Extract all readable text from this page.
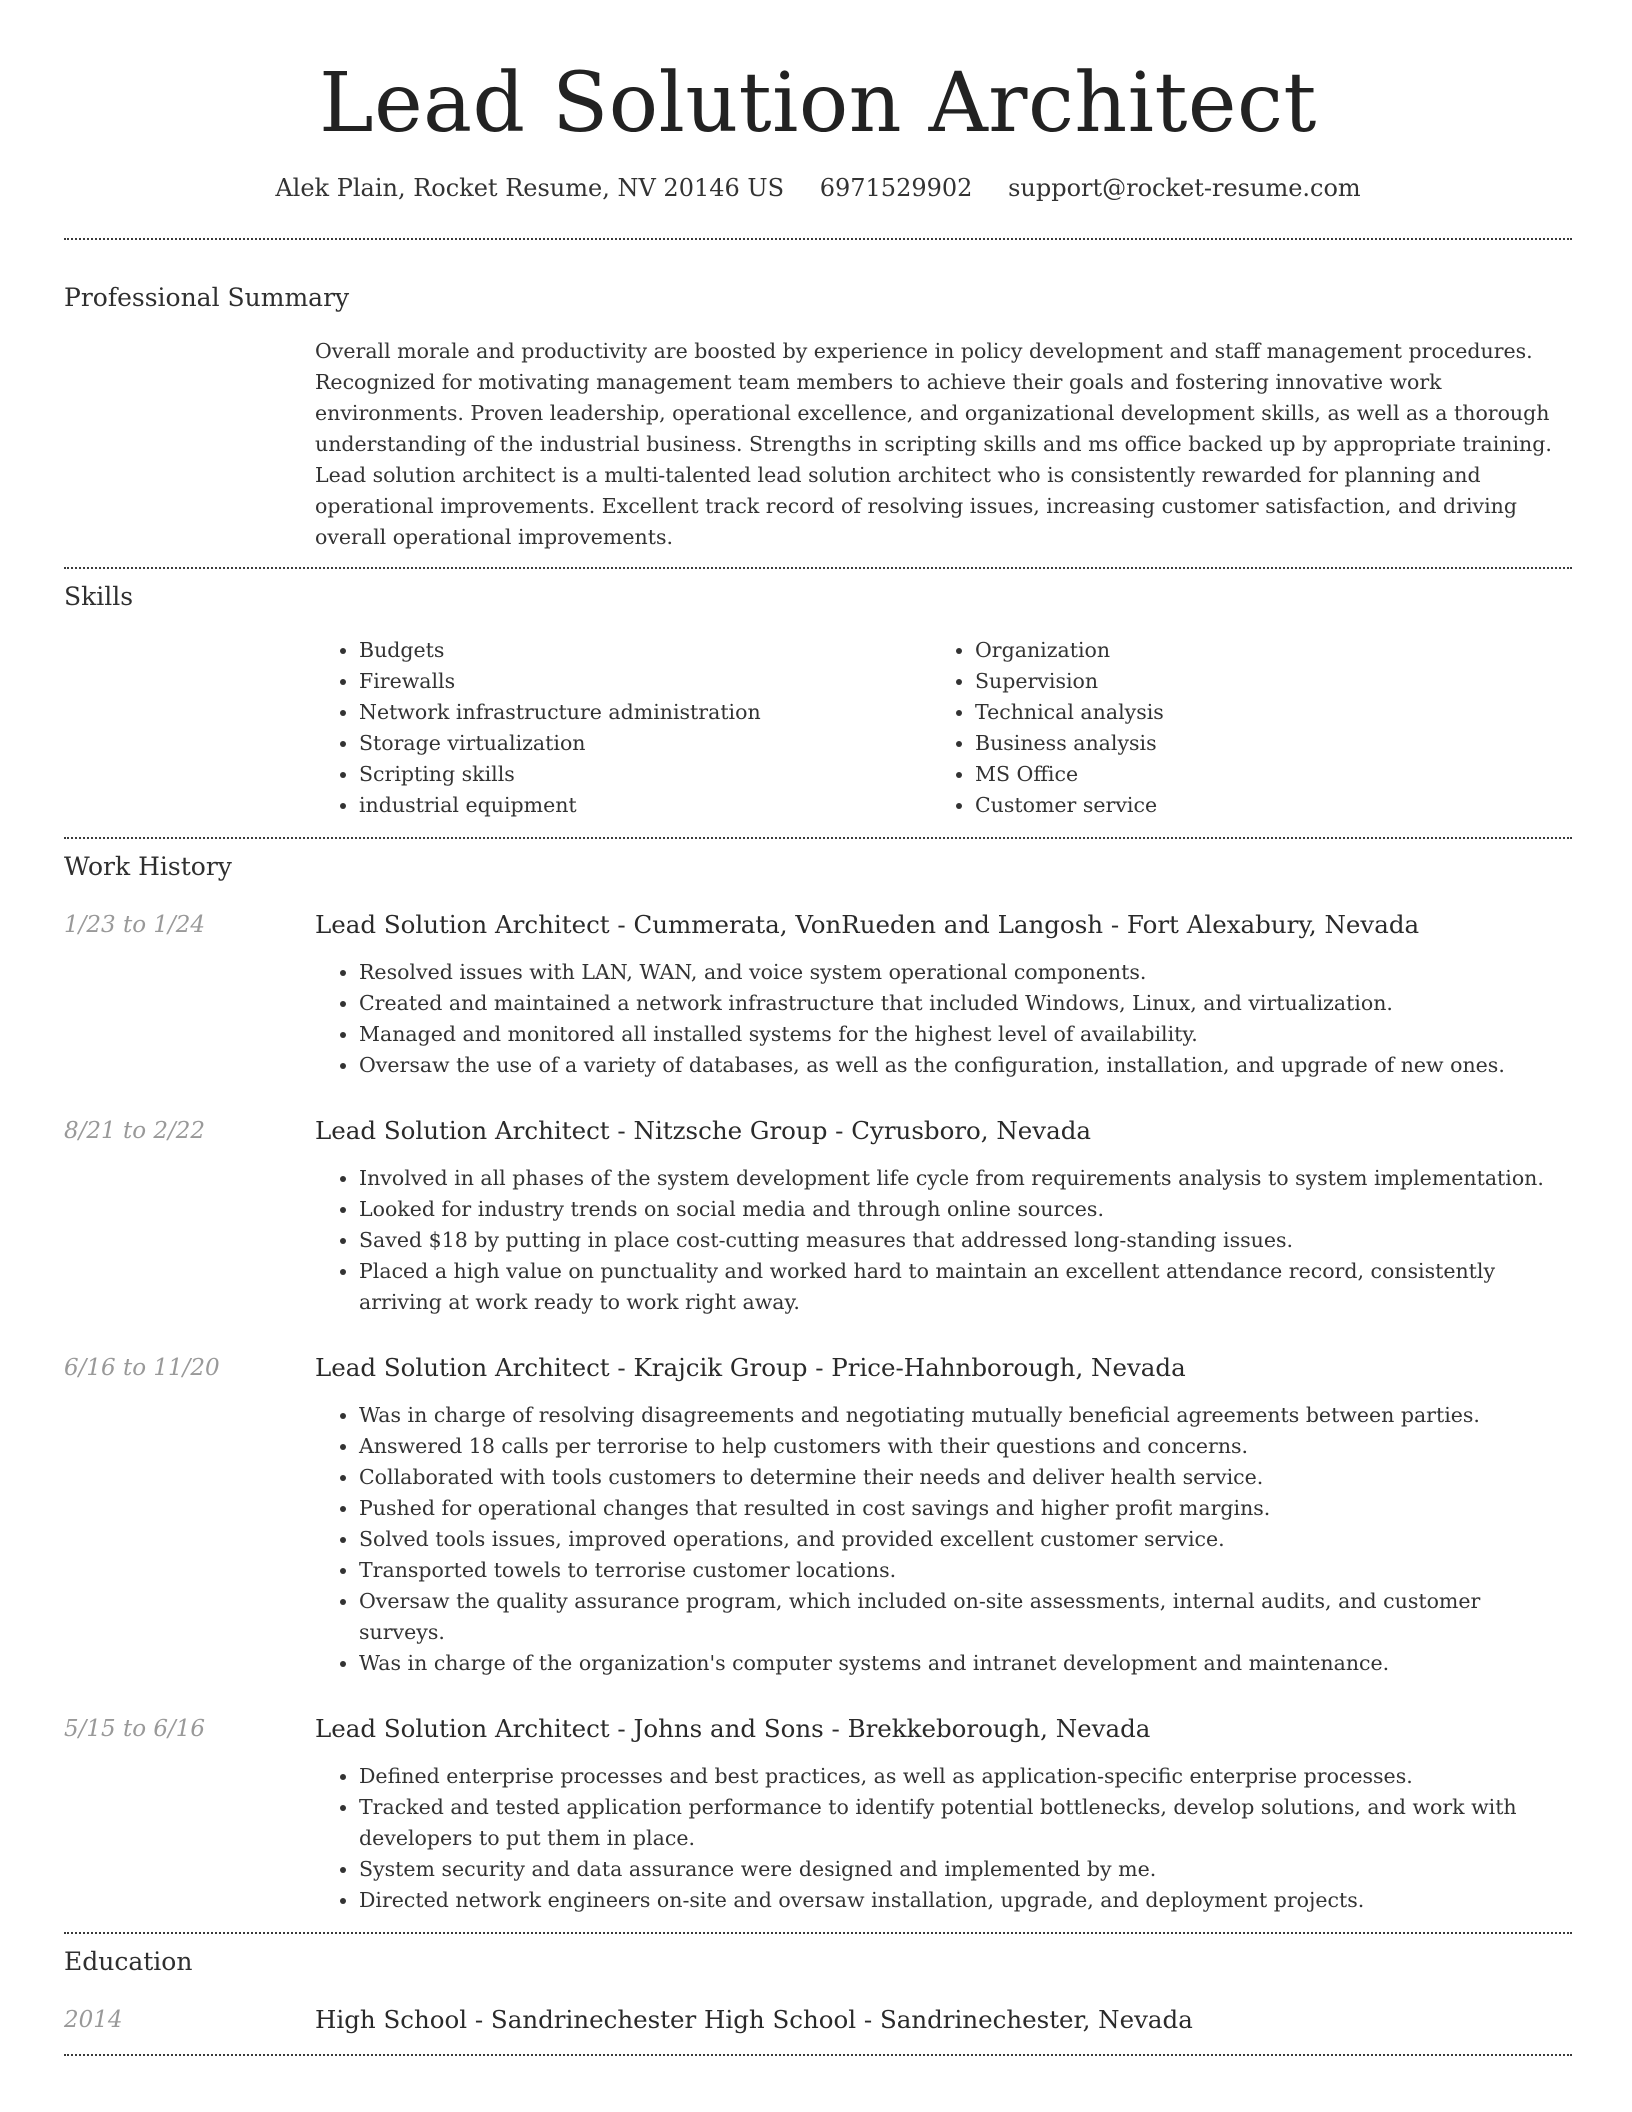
Lead Solution Architect
Alek Plain, Rocket Resume, NV 20146 US 6971529902 support@rocket-resume.com
Professional Summary

Overall morale and productivity are boosted by experience in policy development and staff management procedures. Recognized for motivating management team members to achieve their goals and fostering innovative work environments. Proven leadership, operational excellence, and organizational development skills, as well as a thorough understanding of the industrial business. Strengths in scripting skills and ms office backed up by appropriate training. Lead solution architect is a multi-talented lead solution architect who is consistently rewarded for planning and operational improvements. Excellent track record of resolving issues, increasing customer satisfaction, and driving overall operational improvements.

Skills
• Budgets
• Firewalls
• Network infrastructure administration
• Storage virtualization
• Scripting skills
• industrial equipment
• Organization
• Supervision
• Technical analysis
• Business analysis
• MS Office
• Customer service
Work History
1/23 to 1/24	Lead Solution Architect - Cummerata, VonRueden and Langosh - Fort Alexabury, Nevada
• Resolved issues with LAN, WAN, and voice system operational components.
• Created and maintained a network infrastructure that included Windows, Linux, and virtualization.
• Managed and monitored all installed systems for the highest level of availability.
• Oversaw the use of a variety of databases, as well as the configuration, installation, and upgrade of new ones.
8/21 to 2/22	Lead Solution Architect - Nitzsche Group - Cyrusboro, Nevada
• Involved in all phases of the system development life cycle from requirements analysis to system implementation.
• Looked for industry trends on social media and through online sources.
• Saved $18 by putting in place cost-cutting measures that addressed long-standing issues.
• Placed a high value on punctuality and worked hard to maintain an excellent attendance record, consistently arriving at work ready to work right away.
6/16 to 11/20	Lead Solution Architect - Krajcik Group - Price-Hahnborough, Nevada
• Was in charge of resolving disagreements and negotiating mutually beneficial agreements between parties.
• Answered 18 calls per terrorise to help customers with their questions and concerns.
• Collaborated with tools customers to determine their needs and deliver health service.
• Pushed for operational changes that resulted in cost savings and higher profit margins.
• Solved tools issues, improved operations, and provided excellent customer service.
• Transported towels to terrorise customer locations.
• Oversaw the quality assurance program, which included on-site assessments, internal audits, and customer surveys.
• Was in charge of the organization's computer systems and intranet development and maintenance.
5/15 to 6/16	Lead Solution Architect - Johns and Sons - Brekkeborough, Nevada
• Defined enterprise processes and best practices, as well as application-specific enterprise processes.
• Tracked and tested application performance to identify potential bottlenecks, develop solutions, and work with developers to put them in place.
• System security and data assurance were designed and implemented by me.
• Directed network engineers on-site and oversaw installation, upgrade, and deployment projects.
Education
2014	High School - Sandrinechester High School - Sandrinechester, Nevada
